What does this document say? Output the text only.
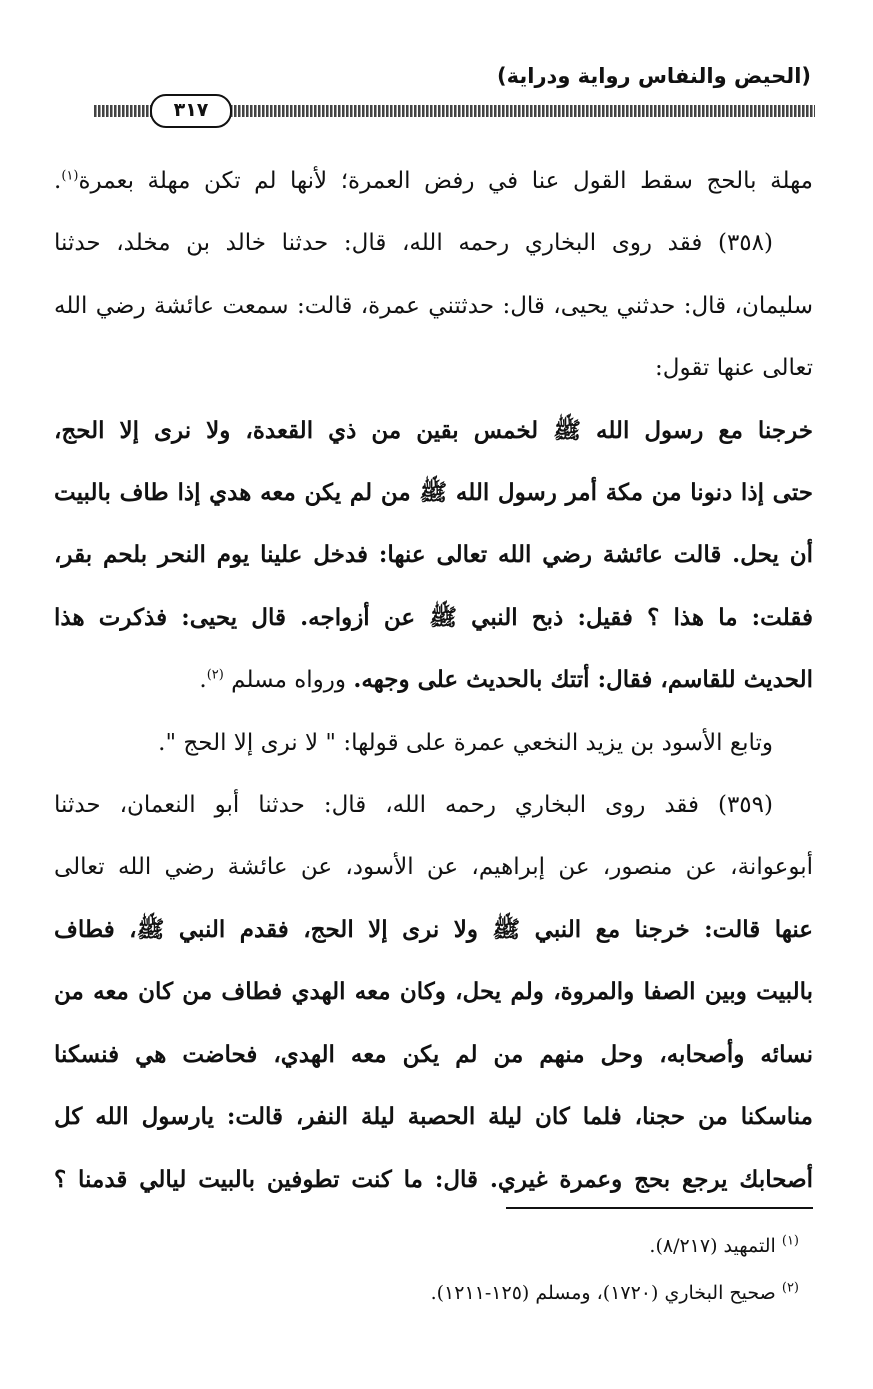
(الحيض والنفاس رواية ودراية)
٣١٧
مهلة بالحج سقط القول عنا في رفض العمرة؛ لأنها لم تكن مهلة بعمرة$^{(١)}$.
(٣٥٨) فقد روى البخاري رحمه الله، قال: حدثنا خالد بن مخلد، حدثنا
سليمان، قال: حدثني يحيى، قال: حدثتني عمرة، قالت: سمعت عائشة رضي الله
تعالى عنها تقول:
خرجنا مع رسول الله ﷺ لخمس بقين من ذي القعدة، ولا نرى إلا الحج،
حتى إذا دنونا من مكة أمر رسول الله ﷺ من لم يكن معه هدي إذا طاف بالبيت
أن يحل. قالت عائشة رضي الله تعالى عنها: فدخل علينا يوم النحر بلحم بقر،
فقلت: ما هذا ؟ فقيل: ذبح النبي ﷺ عن أزواجه. قال يحيى: فذكرت هذا
الحديث للقاسم، فقال: أتتك بالحديث على وجهه. ورواه مسلم $^{(٢)}$.
وتابع الأسود بن يزيد النخعي عمرة على قولها: " لا نرى إلا الحج ".
(٣٥٩) فقد روى البخاري رحمه الله، قال: حدثنا أبو النعمان، حدثنا
أبوعوانة، عن منصور، عن إبراهيم، عن الأسود، عن عائشة رضي الله تعالى
عنها قالت: خرجنا مع النبي ﷺ ولا نرى إلا الحج، فقدم النبي ﷺ، فطاف
بالبيت وبين الصفا والمروة، ولم يحل، وكان معه الهدي فطاف من كان معه من
نسائه وأصحابه، وحل منهم من لم يكن معه الهدي، فحاضت هي فنسكنا
مناسكنا من حجنا، فلما كان ليلة الحصبة ليلة النفر، قالت: يارسول الله كل
أصحابك يرجع بحج وعمرة غيري. قال: ما كنت تطوفين بالبيت ليالي قدمنا ؟
$^{(١)}$ التمهيد (٨/٢١٧).
$^{(٢)}$ صحيح البخاري (١٧٢٠)، ومسلم (١٢٥-١٢١١).
